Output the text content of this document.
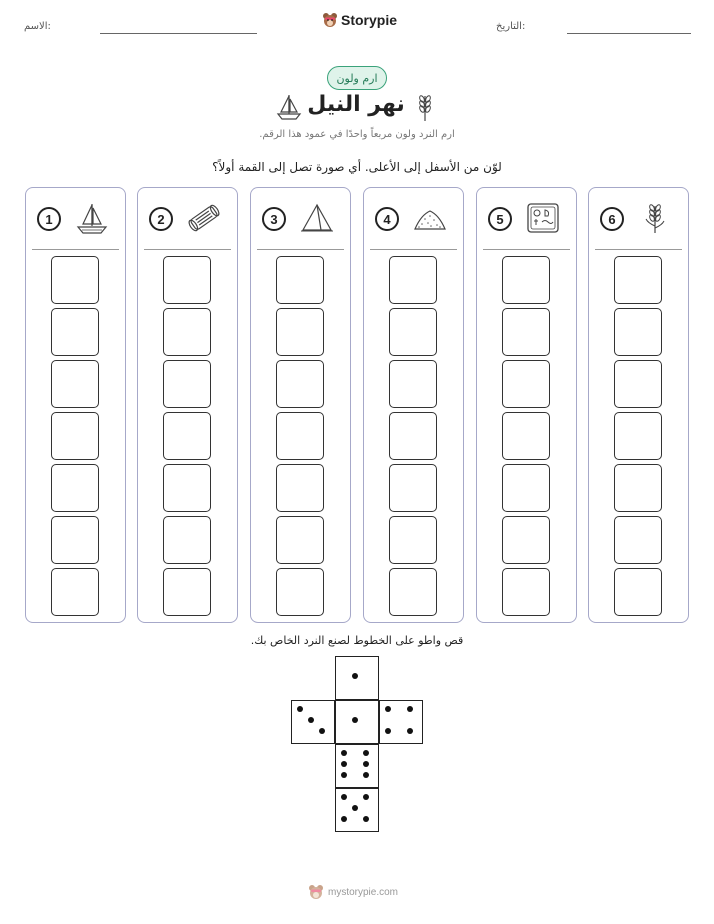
الاسم:	Storypie	التاريخ:
ارم ولون
نهر النيل
ارم النرد ولون مربعاً واحدًا في عمود هذا الرقم.
لوّن من الأسفل إلى الأعلى. أي صورة تصل إلى القمة أولاً؟
1	2	3	4	5	6
قص واطو على الخطوط لصنع النرد الخاص بك.
mystorypie.com
